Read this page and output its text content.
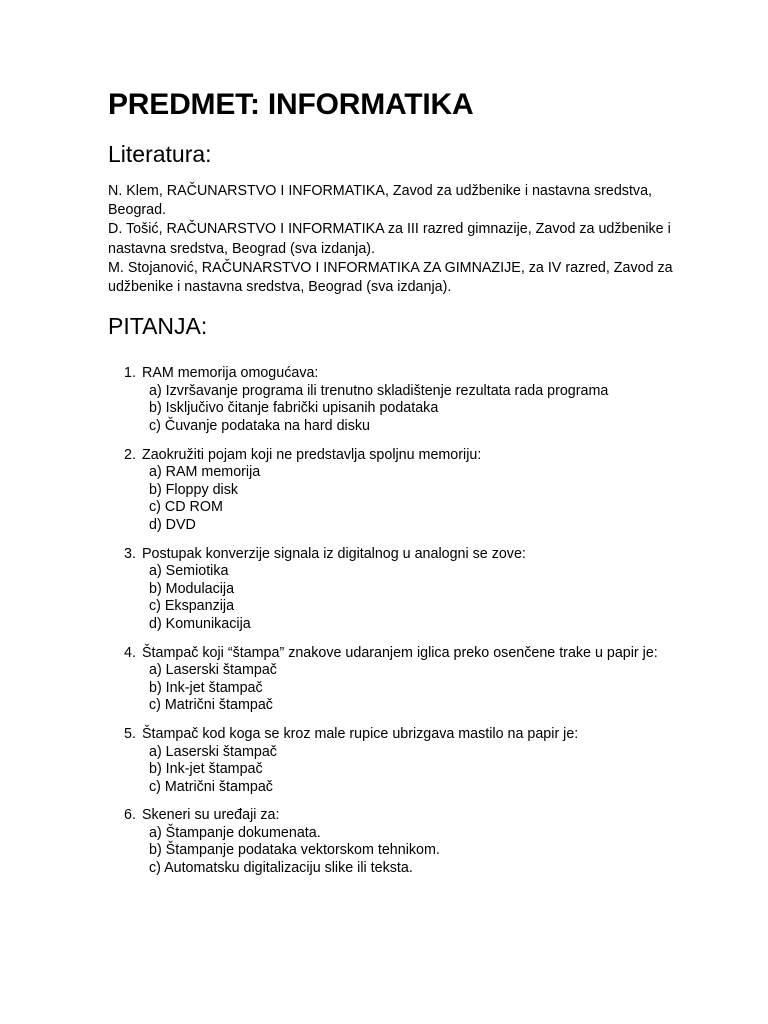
PREDMET: INFORMATIKA
Literatura:

N. Klem, RAČUNARSTVO I INFORMATIKA, Zavod za udžbenike i nastavna sredstva, Beograd.

D. Tošić, RAČUNARSTVO I INFORMATIKA za III razred gimnazije, Zavod za udžbenike i nastavna sredstva, Beograd (sva izdanja).

M. Stojanović, RAČUNARSTVO I INFORMATIKA ZA GIMNAZIJE, za IV razred, Zavod za udžbenike i nastavna sredstva, Beograd (sva izdanja).

PITANJA:
1. RAM memorija omogućava:
a) Izvršavanje programa ili trenutno skladištenje rezultata rada programa
b) Isključivo čitanje fabrički upisanih podataka
c) Čuvanje podataka na hard disku
2. Zaokružiti pojam koji ne predstavlja spoljnu memoriju:
a) RAM memorija
b) Floppy disk
c) CD ROM
d) DVD
3. Postupak konverzije signala iz digitalnog u analogni se zove:
a) Semiotika
b) Modulacija
c) Ekspanzija
d) Komunikacija
4. Štampač koji “štampa” znakove udaranjem iglica preko osenčene trake u papir je:
a) Laserski štampač
b) Ink-jet štampač
c) Matrični štampač
5. Štampač kod koga se kroz male rupice ubrizgava mastilo na papir je:
a) Laserski štampač
b) Ink-jet štampač
c) Matrični štampač
6. Skeneri su uređaji za:
a) Štampanje dokumenata.
b) Štampanje podataka vektorskom tehnikom.
c) Automatsku digitalizaciju slike ili teksta.
